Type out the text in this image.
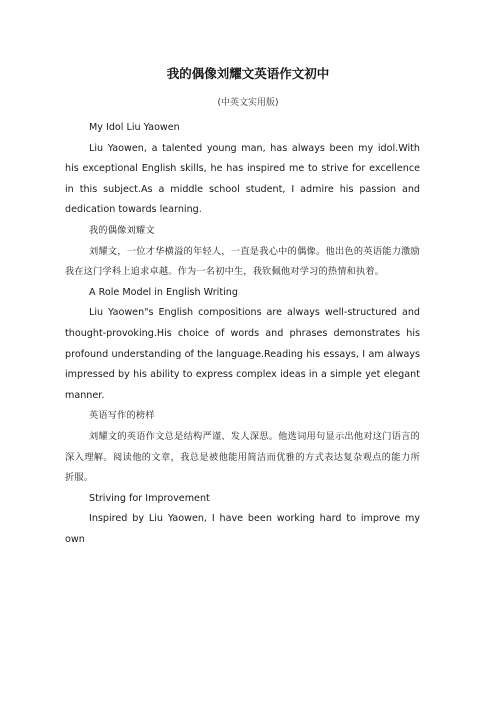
我的偶像刘耀文英语作文初中
(中英文实用版)

My Idol Liu Yaowen

Liu Yaowen, a talented young man, has always been my idol.With his exceptional English skills, he has inspired me to strive for excellence in this subject.As a middle school student, I admire his passion and dedication towards learning.

我的偶像刘耀文

刘耀文，一位才华横溢的年轻人，一直是我心中的偶像。他出色的英语能力激励我在这门学科上追求卓越。作为一名初中生，我钦佩他对学习的热情和执着。

A Role Model in English Writing

Liu Yaowen"s English compositions are always well-structured and thought-provoking.His choice of words and phrases demonstrates his profound understanding of the language.Reading his essays, I am always impressed by his ability to express complex ideas in a simple yet elegant manner.

英语写作的榜样

刘耀文的英语作文总是结构严谨、发人深思。他选词用句显示出他对这门语言的深入理解。阅读他的文章，我总是被他能用简洁而优雅的方式表达复杂观点的能力所折服。

Striving for Improvement

Inspired by Liu Yaowen, I have been working hard to improve my own
